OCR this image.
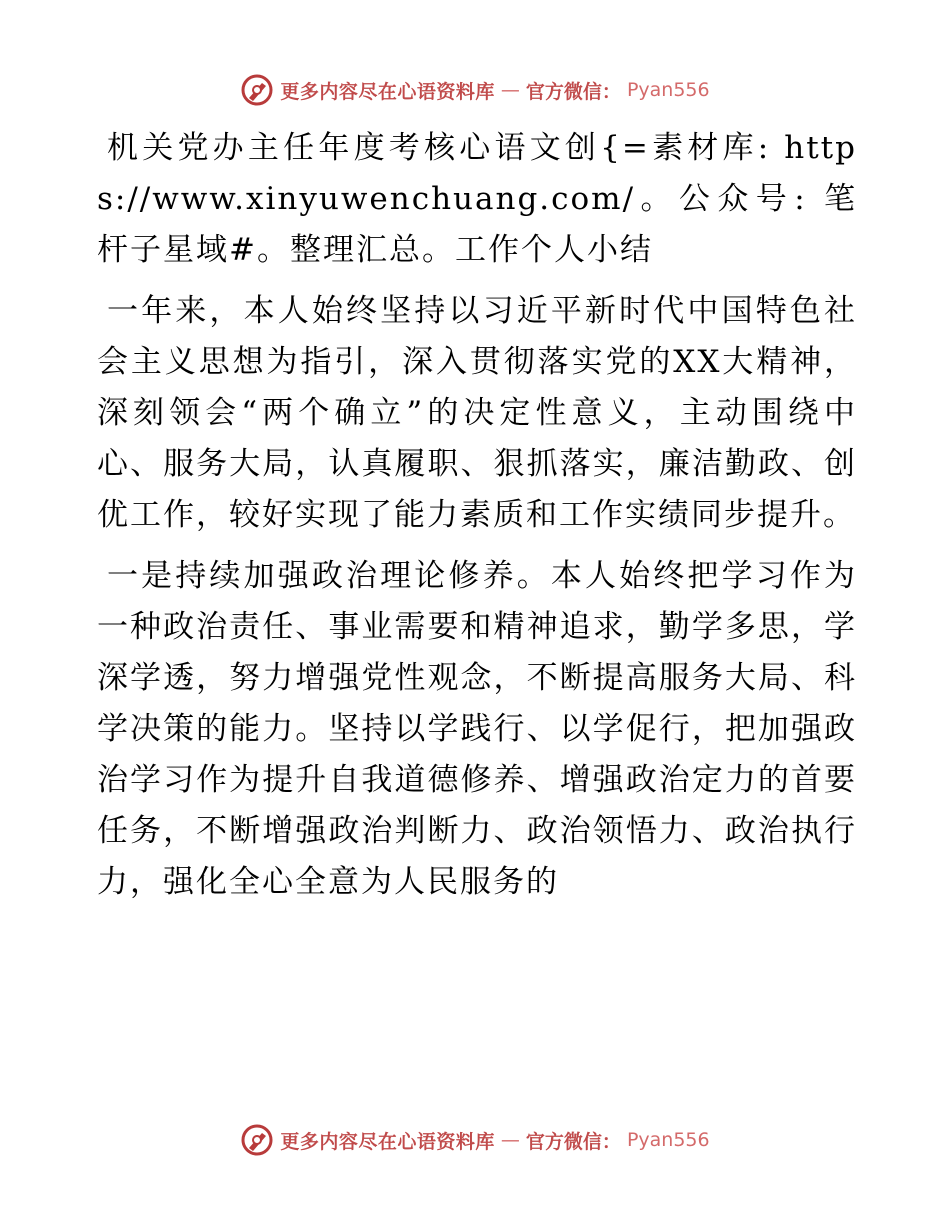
更多内容尽在心语资料库 — 官方微信： Pyan556

机关党办主任年度考核心语文创{=素材库: https://www.xinyuwenchuang.com/。公众号: 笔杆子星域#。整理汇总。工作个人小结

一年来，本人始终坚持以习近平新时代中国特色社会主义思想为指引，深入贯彻落实党的XX大精神，深刻领会“两个确立”的决定性意义，主动围绕中心、服务大局，认真履职、狠抓落实，廉洁勤政、创优工作，较好实现了能力素质和工作实绩同步提升。

一是持续加强政治理论修养。本人始终把学习作为一种政治责任、事业需要和精神追求，勤学多思，学深学透，努力增强党性观念，不断提高服务大局、科学决策的能力。坚持以学践行、以学促行，把加强政治学习作为提升自我道德修养、增强政治定力的首要任务，不断增强政治判断力、政治领悟力、政治执行力，强化全心全意为人民服务的

更多内容尽在心语资料库 — 官方微信： Pyan556
